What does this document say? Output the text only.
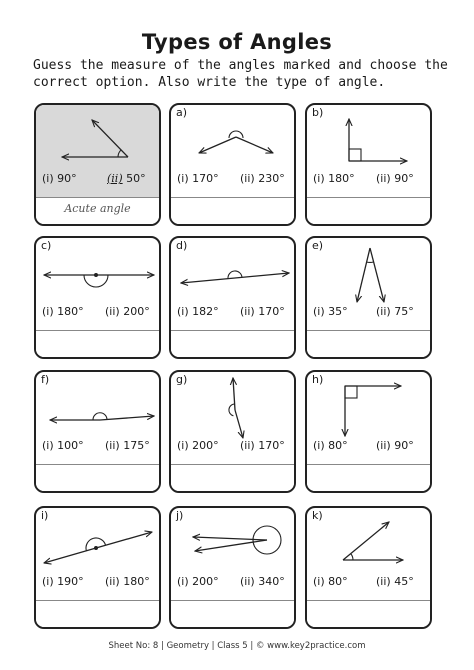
Types of Angles
Guess the measure of the angles marked and choose the correct option. Also write the type of angle.
(i) 90°	(ii) 50°
Acute angle
a)
(i) 170° (ii) 230°
b)
(i) 180° (ii) 90°
c)
(i) 180° (ii) 200°
d)
(i) 182° (ii) 170°
e)
(i) 35°	(ii) 75°
f)
(i) 100° (ii) 175°
g)
(i) 200° (ii) 170°
h)
(i) 80°	(ii) 90°
i)
(i) 190° (ii) 180°
j)
(i) 200° (ii) 340°
k)
(i) 80°	(ii) 45°
Sheet No: 8 | Geometry | Class 5 | © www.key2practice.com
